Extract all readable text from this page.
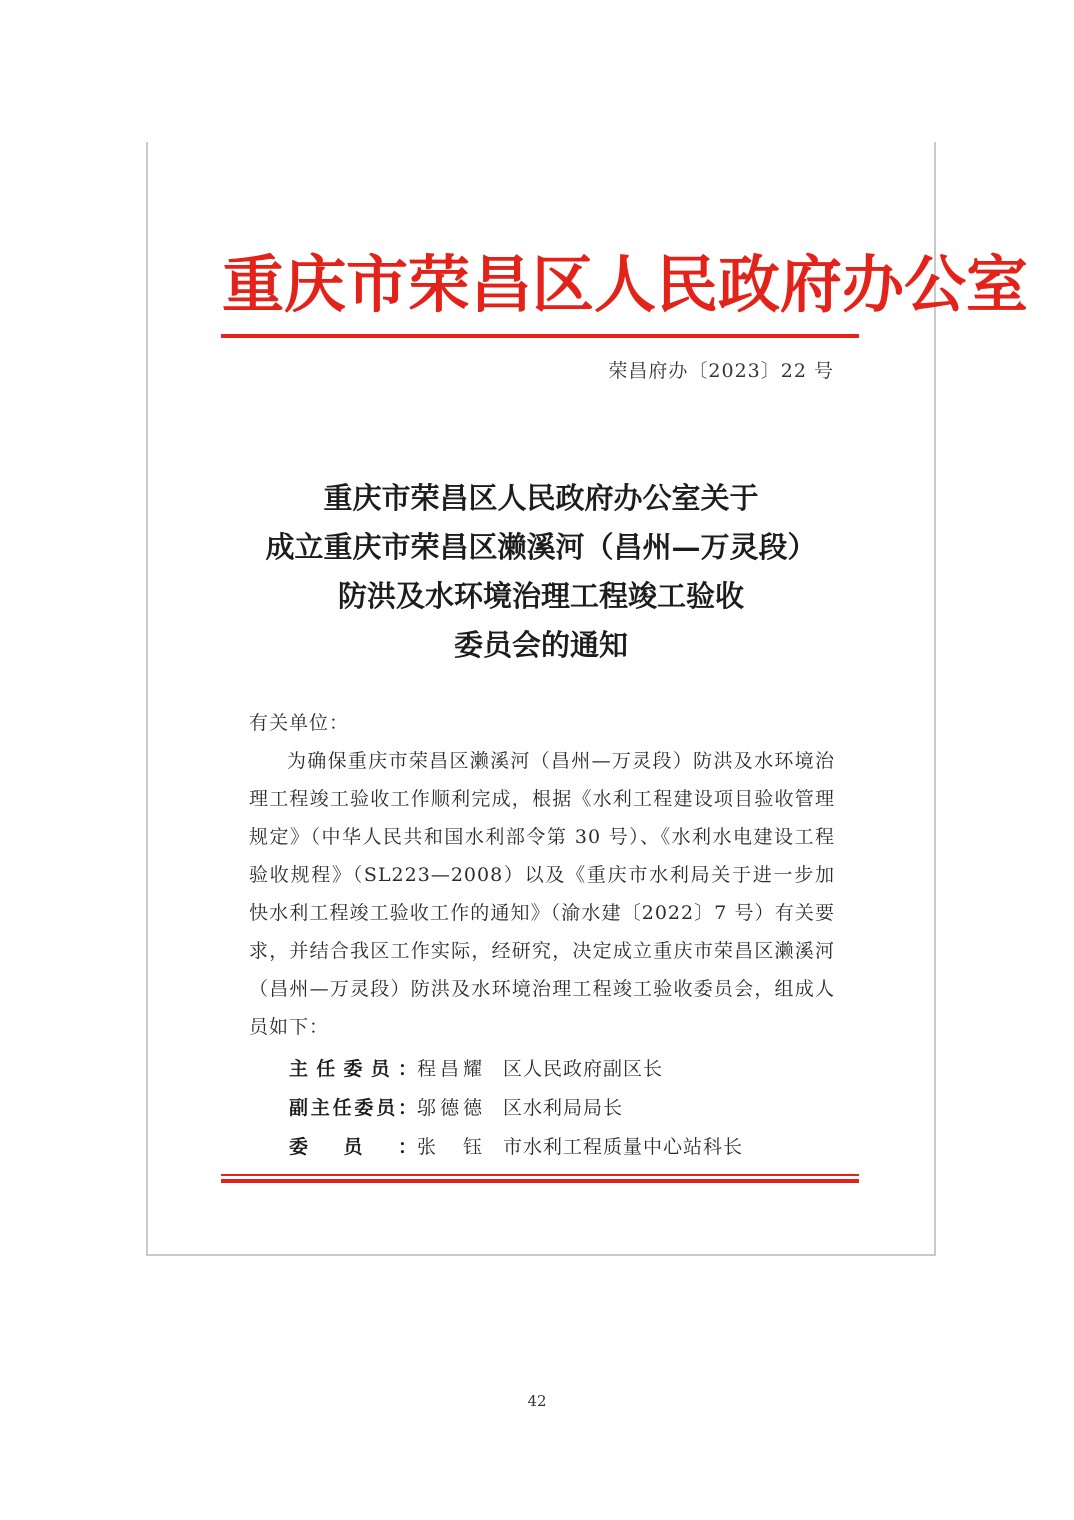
重庆市荣昌区人民政府办公室
荣昌府办〔2023〕22 号
重庆市荣昌区人民政府办公室关于
成立重庆市荣昌区濑溪河（昌州—万灵段）
防洪及水环境治理工程竣工验收
委员会的通知

有关单位：

为确保重庆市荣昌区濑溪河（昌州—万灵段）防洪及水环境治理工程竣工验收工作顺利完成，根据《水利工程建设项目验收管理规定》（中华人民共和国水利部令第 30 号）、《水利水电建设工程验收规程》（SL223—2008）以及《重庆市水利局关于进一步加快水利工程竣工验收工作的通知》（渝水建〔2022〕7 号）有关要求，并结合我区工作实际，经研究，决定成立重庆市荣昌区濑溪河（昌州—万灵段）防洪及水环境治理工程竣工验收委员会，组成人员如下：

主任委员： 程昌耀 区人民政府副区长
副主任委员： 邬德德 区水利局局长
委员： 张　钰 市水利工程质量中心站科长
42
